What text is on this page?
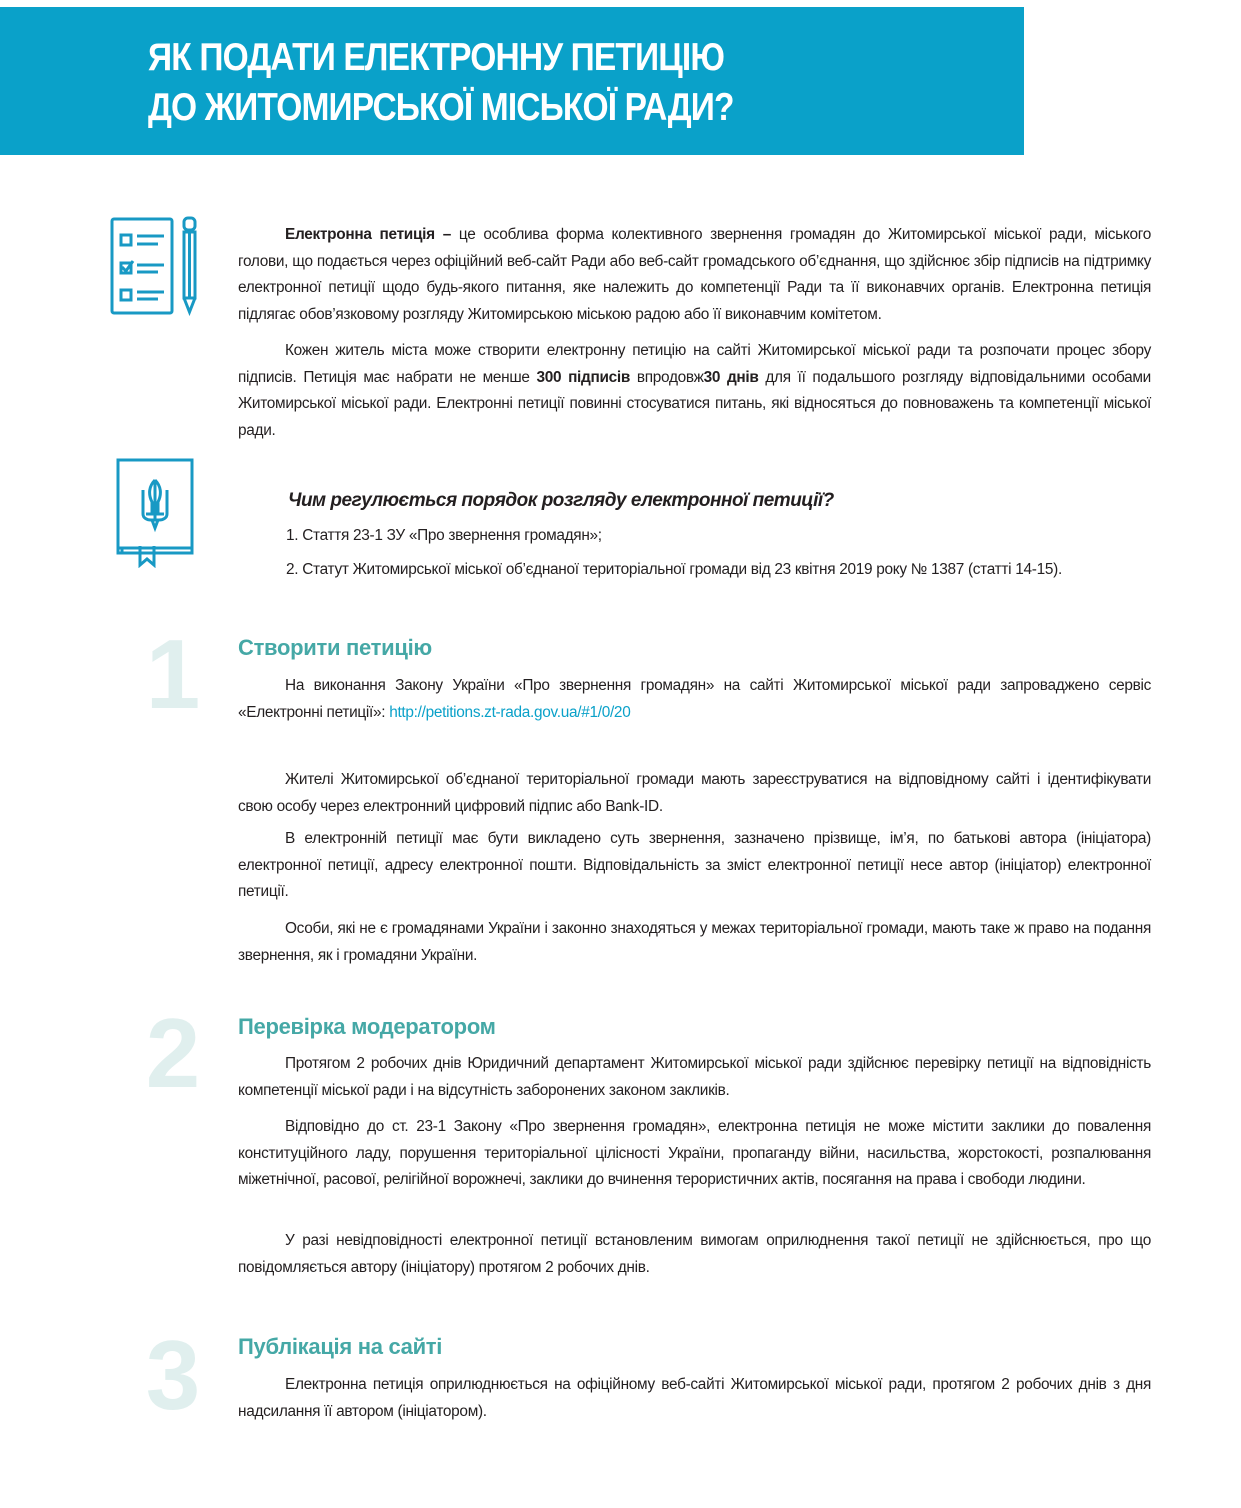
ЯК ПОДАТИ ЕЛЕКТРОННУ ПЕТИЦІЮ
ДО ЖИТОМИРСЬКОЇ МІСЬКОЇ РАДИ?

Електронна петиція – це особлива форма колективного звернення громадян до Житомирської міської ради, міського голови, що подається через офіційний веб-сайт Ради або веб-сайт громадського об’єднання, що здійснює збір підписів на підтримку електронної петиції щодо будь-якого питання, яке належить до компетенції Ради та її виконавчих органів. Електронна петиція підлягає обов’язковому розгляду Житомирською міською радою або її виконавчим комітетом.

Кожен житель міста може створити електронну петицію на сайті Житомирської міської ради та розпочати процес збору підписів. Петиція має набрати не менше 300 підписів впродовж30 днів для її подальшого розгляду відповідальними особами Житомирської міської ради. Електронні петиції повинні стосуватися питань, які відносяться до повноважень та компетенції міської ради.

Чим регулюється порядок розгляду електронної петиції?

1. Стаття 23-1 ЗУ «Про звернення громадян»;

2. Статут Житомирської міської об’єднаної територіальної громади від 23 квітня 2019 року № 1387 (статті 14-15).

1 Створити петицію

На виконання Закону України «Про звернення громадян» на сайті Житомирської міської ради запроваджено сервіс «Електронні петиції»: http://petitions.zt-rada.gov.ua/#1/0/20

Жителі Житомирської об’єднаної територіальної громади мають зареєструватися на відповідному сайті і ідентифікувати свою особу через електронний цифровий підпис або Bank-ID.

В електронній петиції має бути викладено суть звернення, зазначено прізвище, ім’я, по батькові автора (ініціатора) електронної петиції, адресу електронної пошти. Відповідальність за зміст електронної петиції несе автор (ініціатор) електронної петиції.

Особи, які не є громадянами України і законно знаходяться у межах територіальної громади, мають таке ж право на подання звернення, як і громадяни України.

2 Перевірка модератором

Протягом 2 робочих днів Юридичний департамент Житомирської міської ради здійснює перевірку петиції на відповідність компетенції міської ради і на відсутність заборонених законом закликів.

Відповідно до ст. 23-1 Закону «Про звернення громадян», електронна петиція не може містити заклики до повалення конституційного ладу, порушення територіальної цілісності України, пропаганду війни, насильства, жорстокості, розпалювання міжетнічної, расової, релігійної ворожнечі, заклики до вчинення терористичних актів, посягання на права і свободи людини.

У разі невідповідності електронної петиції встановленим вимогам оприлюднення такої петиції не здійснюється, про що повідомляється автору (ініціатору) протягом 2 робочих днів.

3 Публікація на сайті

Електронна петиція оприлюднюється на офіційному веб-сайті Житомирської міської ради, протягом 2 робочих днів з дня надсилання її автором (ініціатором).
